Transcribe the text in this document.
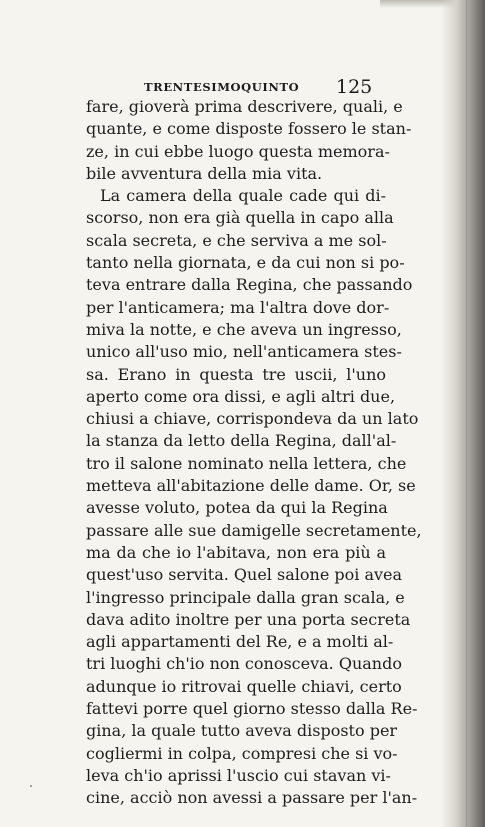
TRENTESIMOQUINTO 125
fare, gioverà prima descrivere, quali, e
quante, e come disposte fossero le stan-
ze, in cui ebbe luogo questa memora-
bile avventura della mia vita.
La camera della quale cade qui di-
scorso, non era già quella in capo alla
scala secreta, e che serviva a me sol-
tanto nella giornata, e da cui non si po-
teva entrare dalla Regina, che passando
per l'anticamera; ma l'altra dove dor-
miva la notte, e che aveva un ingresso,
unico all'uso mio, nell'anticamera stes-
sa. Erano in questa tre uscii, l'uno
aperto come ora dissi, e agli altri due,
chiusi a chiave, corrispondeva da un lato
la stanza da letto della Regina, dall'al-
tro il salone nominato nella lettera, che
metteva all'abitazione delle dame. Or, se
avesse voluto, potea da qui la Regina
passare alle sue damigelle secretamente,
ma da che io l'abitava, non era più a
quest'uso servita. Quel salone poi avea
l'ingresso principale dalla gran scala, e
dava adito inoltre per una porta secreta
agli appartamenti del Re, e a molti al-
tri luoghi ch'io non conosceva. Quando
adunque io ritrovai quelle chiavi, certo
fattevi porre quel giorno stesso dalla Re-
gina, la quale tutto aveva disposto per
cogliermi in colpa, compresi che si vo-
leva ch'io aprissi l'uscio cui stavan vi-
cine, acciò non avessi a passare per l'an-
